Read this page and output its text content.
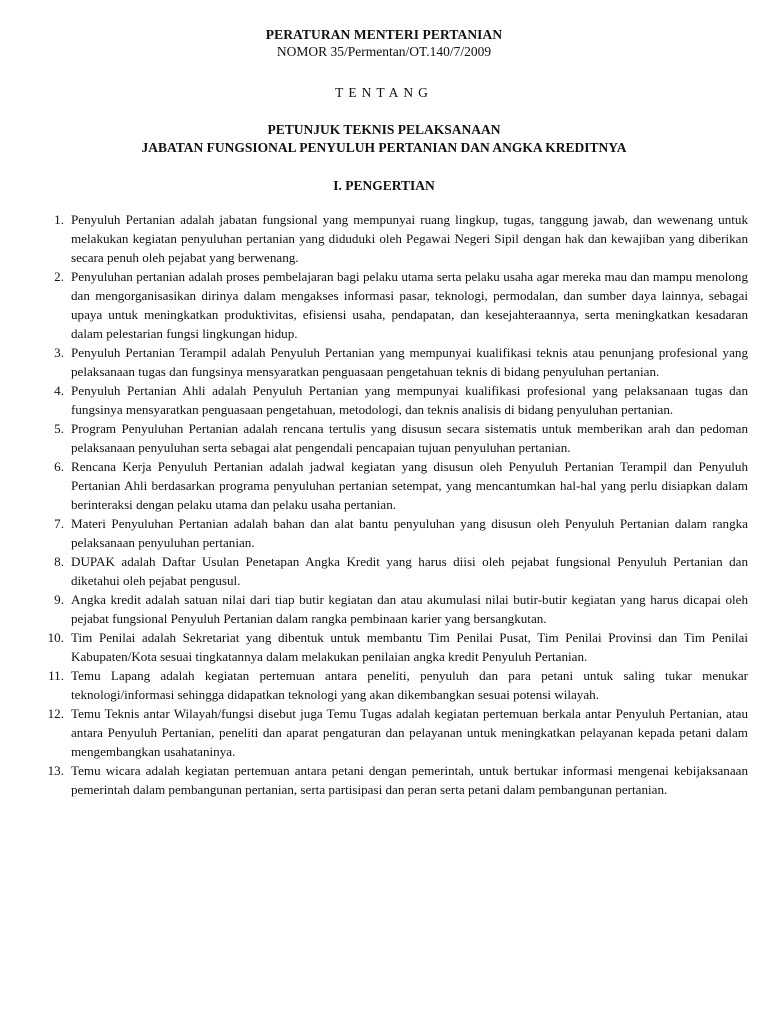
PERATURAN MENTERI PERTANIAN
NOMOR 35/Permentan/OT.140/7/2009
TENTANG
PETUNJUK TEKNIS PELAKSANAAN
JABATAN FUNGSIONAL PENYULUH PERTANIAN DAN ANGKA KREDITNYA
I. PENGERTIAN
1. Penyuluh Pertanian adalah jabatan fungsional yang mempunyai ruang lingkup, tugas, tanggung jawab, dan wewenang untuk melakukan kegiatan penyuluhan pertanian yang diduduki oleh Pegawai Negeri Sipil dengan hak dan kewajiban yang diberikan secara penuh oleh pejabat yang berwenang.
2. Penyuluhan pertanian adalah proses pembelajaran bagi pelaku utama serta pelaku usaha agar mereka mau dan mampu menolong dan mengorganisasikan dirinya dalam mengakses informasi pasar, teknologi, permodalan, dan sumber daya lainnya, sebagai upaya untuk meningkatkan produktivitas, efisiensi usaha, pendapatan, dan kesejahteraannya, serta meningkatkan kesadaran dalam pelestarian fungsi lingkungan hidup.
3. Penyuluh Pertanian Terampil adalah Penyuluh Pertanian yang mempunyai kualifikasi teknis atau penunjang profesional yang pelaksanaan tugas dan fungsinya mensyaratkan penguasaan pengetahuan teknis di bidang penyuluhan pertanian.
4. Penyuluh Pertanian Ahli adalah Penyuluh Pertanian yang mempunyai kualifikasi profesional yang pelaksanaan tugas dan fungsinya mensyaratkan penguasaan pengetahuan, metodologi, dan teknis analisis di bidang penyuluhan pertanian.
5. Program Penyuluhan Pertanian adalah rencana tertulis yang disusun secara sistematis untuk memberikan arah dan pedoman pelaksanaan penyuluhan serta sebagai alat pengendali pencapaian tujuan penyuluhan pertanian.
6. Rencana Kerja Penyuluh Pertanian adalah jadwal kegiatan yang disusun oleh Penyuluh Pertanian Terampil dan Penyuluh Pertanian Ahli berdasarkan programa penyuluhan pertanian setempat, yang mencantumkan hal-hal yang perlu disiapkan dalam berinteraksi dengan pelaku utama dan pelaku usaha pertanian.
7. Materi Penyuluhan Pertanian adalah bahan dan alat bantu penyuluhan yang disusun oleh Penyuluh Pertanian dalam rangka pelaksanaan penyuluhan pertanian.
8. DUPAK adalah Daftar Usulan Penetapan Angka Kredit yang harus diisi oleh pejabat fungsional Penyuluh Pertanian dan diketahui oleh pejabat pengusul.
9. Angka kredit adalah satuan nilai dari tiap butir kegiatan dan atau akumulasi nilai butir-butir kegiatan yang harus dicapai oleh pejabat fungsional Penyuluh Pertanian dalam rangka pembinaan karier yang bersangkutan.
10. Tim Penilai adalah Sekretariat yang dibentuk untuk membantu Tim Penilai Pusat, Tim Penilai Provinsi dan Tim Penilai Kabupaten/Kota sesuai tingkatannya dalam melakukan penilaian angka kredit Penyuluh Pertanian.
11. Temu Lapang adalah kegiatan pertemuan antara peneliti, penyuluh dan para petani untuk saling tukar menukar teknologi/informasi sehingga didapatkan teknologi yang akan dikembangkan sesuai potensi wilayah.
12. Temu Teknis antar Wilayah/fungsi disebut juga Temu Tugas adalah kegiatan pertemuan berkala antar Penyuluh Pertanian, atau antara Penyuluh Pertanian, peneliti dan aparat pengaturan dan pelayanan untuk meningkatkan pelayanan kepada petani dalam mengembangkan usahataninya.
13. Temu wicara adalah kegiatan pertemuan antara petani dengan pemerintah, untuk bertukar informasi mengenai kebijaksanaan pemerintah dalam pembangunan pertanian, serta partisipasi dan peran serta petani dalam pembangunan pertanian.
